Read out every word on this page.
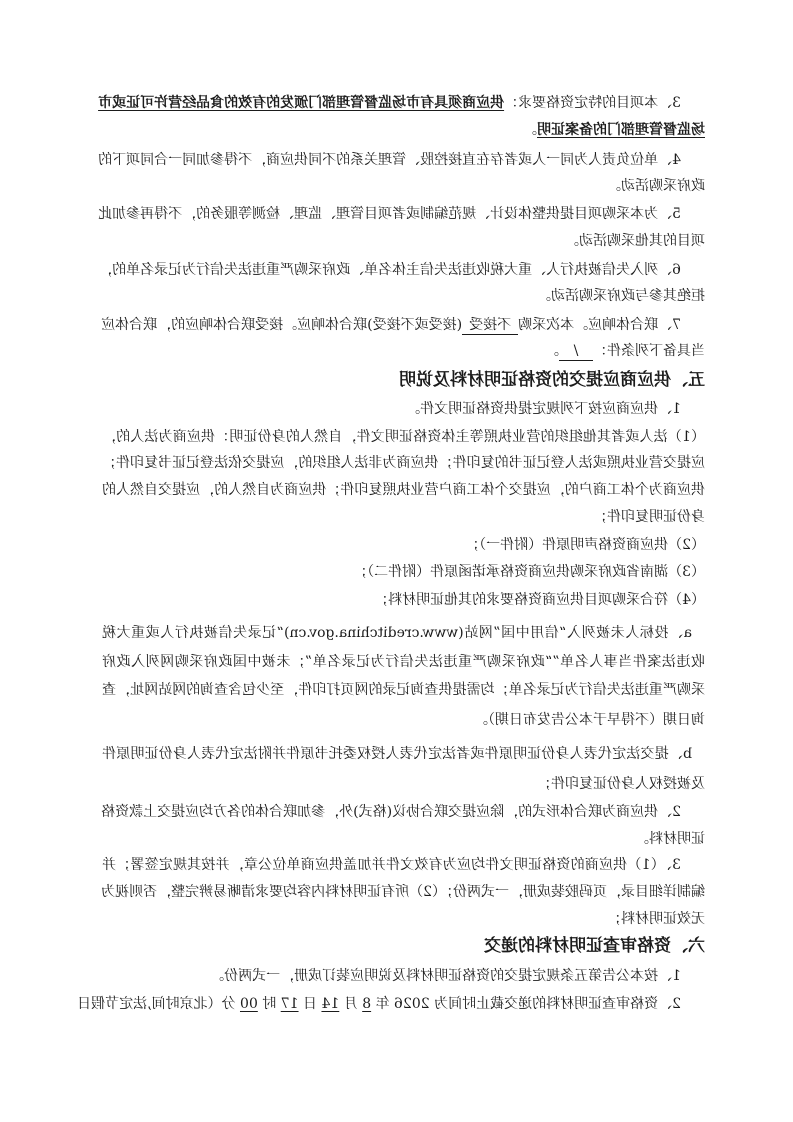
3、本项目的特定资格要求：供应商须具有市场监督管理部门颁发的有效的食品经营许可证或市
场监督管理部门的备案证明。
4、单位负责人为同一人或者存在直接控股、管理关系的不同供应商，不得参加同一合同项下的
政府采购活动。
5、为本采购项目提供整体设计、规范编制或者项目管理、监理、检测等服务的，不得再参加此
项目的其他采购活动。
6、列入失信被执行人、重大税收违法失信主体名单、政府采购严重违法失信行为记录名单的，
拒绝其参与政府采购活动。
7、联合体响应。本次采购不接受(接受或不接受)联合体响应。接受联合体响应的，联合体应
当具备下列条件：/。
五、供应商应提交的资格证明材料及说明
1、供应商应按下列规定提供资格证明文件。
（1）法人或者其他组织的营业执照等主体资格证明文件，自然人的身份证明：供应商为法人的，
应提交营业执照或法人登记证书的复印件；供应商为非法人组织的，应提交依法登记证书复印件；
供应商为个体工商户的，应提交个体工商户营业执照复印件；供应商为自然人的，应提交自然人的
身份证明复印件；
（2）供应商资格声明原件（附件一）；
（3）湖南省政府采购供应商资格承诺函原件（附件二）；
（4）符合采购项目供应商资格要求的其他证明材料；
a、投标人未被列入“信用中国”网站(www.creditchina.gov.cn)“记录失信被执行人或重大税
收违法案件当事人名单”“政府采购严重违法失信行为记录名单”；未被中国政府采购网列入政府
采购严重违法失信行为记录名单；均需提供查询记录的网页打印件，至少包含查询的网站网址，查
询日期（不得早于本公告发布日期）。
b、提交法定代表人身份证明原件或者法定代表人授权委托书原件并附法定代表人身份证明原件
及被授权人身份证复印件；
2、供应商为联合体形式的，除应提交联合协议(格式)外，参加联合体的各方均应提交上款资格
证明材料。
3、（1）供应商的资格证明文件均应为有效文件并加盖供应商单位公章，并按其规定签署；并
编制详细目录，页码胶装成册，一式两份；（2）所有证明材料内容均要求清晰易辨完整，否则视为
无效证明材料；
六、资格审查证明材料的递交
1、按本公告第五条规定提交的资格证明材料及说明应装订成册，一式两份。
2、资格审查证明材料的递交截止时间为 2026 年 8 月 14 日 17 时 00 分（北京时间,法定节假日
